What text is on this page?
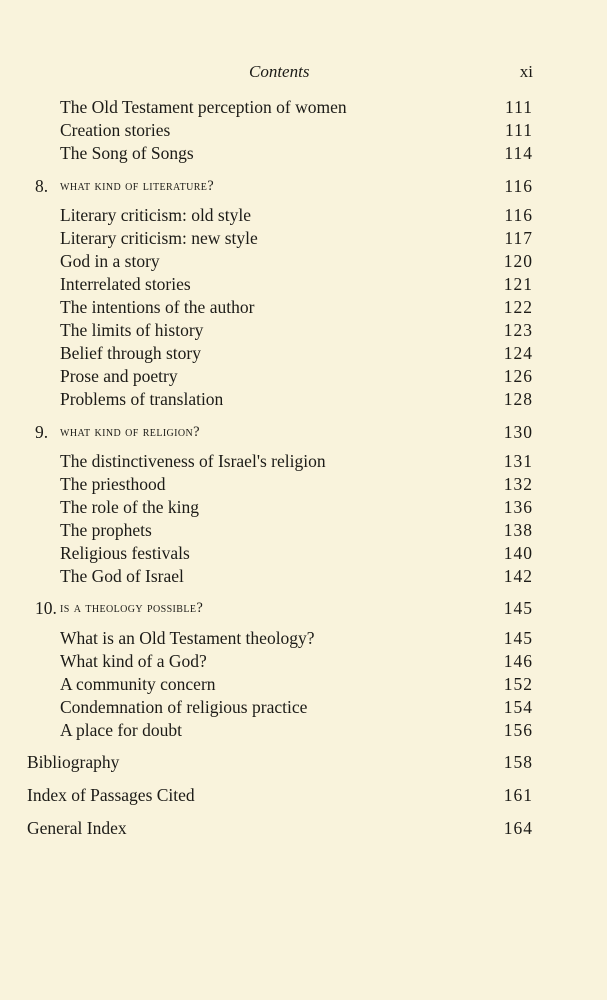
Contents	xi
The Old Testament perception of women	111
Creation stories	111
The Song of Songs	114
8. what kind of literature?	116
Literary criticism: old style	116
Literary criticism: new style	117
God in a story	120
Interrelated stories	121
The intentions of the author	122
The limits of history	123
Belief through story	124
Prose and poetry	126
Problems of translation	128
9. what kind of religion?	130
The distinctiveness of Israel's religion	131
The priesthood	132
The role of the king	136
The prophets	138
Religious festivals	140
The God of Israel	142
10. is a theology possible?	145
What is an Old Testament theology?	145
What kind of a God?	146
A community concern	152
Condemnation of religious practice	154
A place for doubt	156
Bibliography	158
Index of Passages Cited	161
General Index	164
